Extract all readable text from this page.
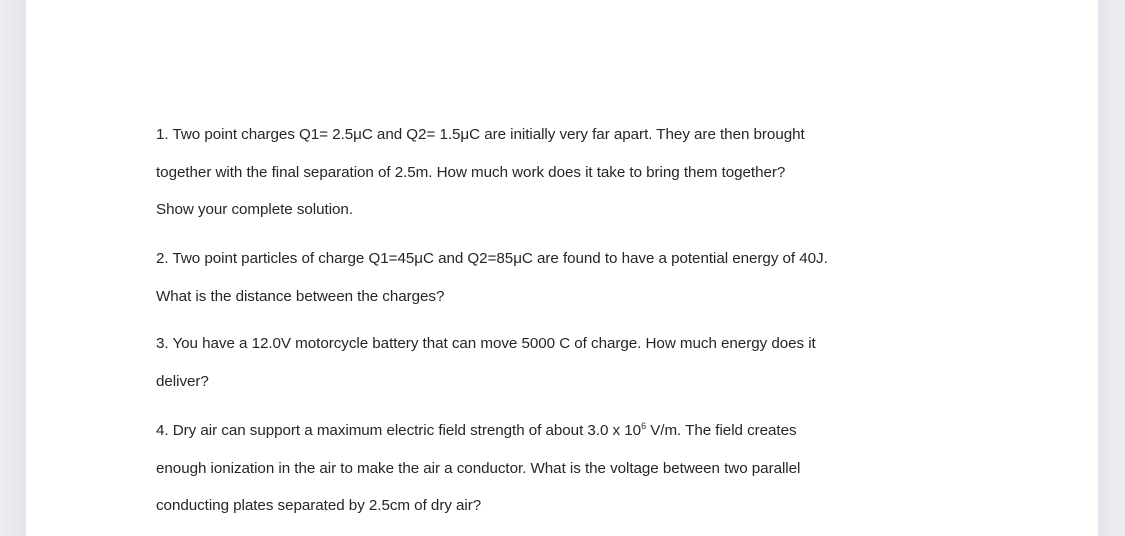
1. Two point charges Q1= 2.5μC and Q2= 1.5μC are initially very far apart. They are then brought
together with the final separation of 2.5m. How much work does it take to bring them together?
Show your complete solution.

2. Two point particles of charge Q1=45μC and Q2=85μC are found to have a potential energy of 40J.
What is the distance between the charges?

3. You have a 12.0V motorcycle battery that can move 5000 C of charge. How much energy does it
deliver?

4. Dry air can support a maximum electric field strength of about 3.0 x $10^6$ V/m. The field creates
enough ionization in the air to make the air a conductor. What is the voltage between two parallel
conducting plates separated by 2.5cm of dry air?
